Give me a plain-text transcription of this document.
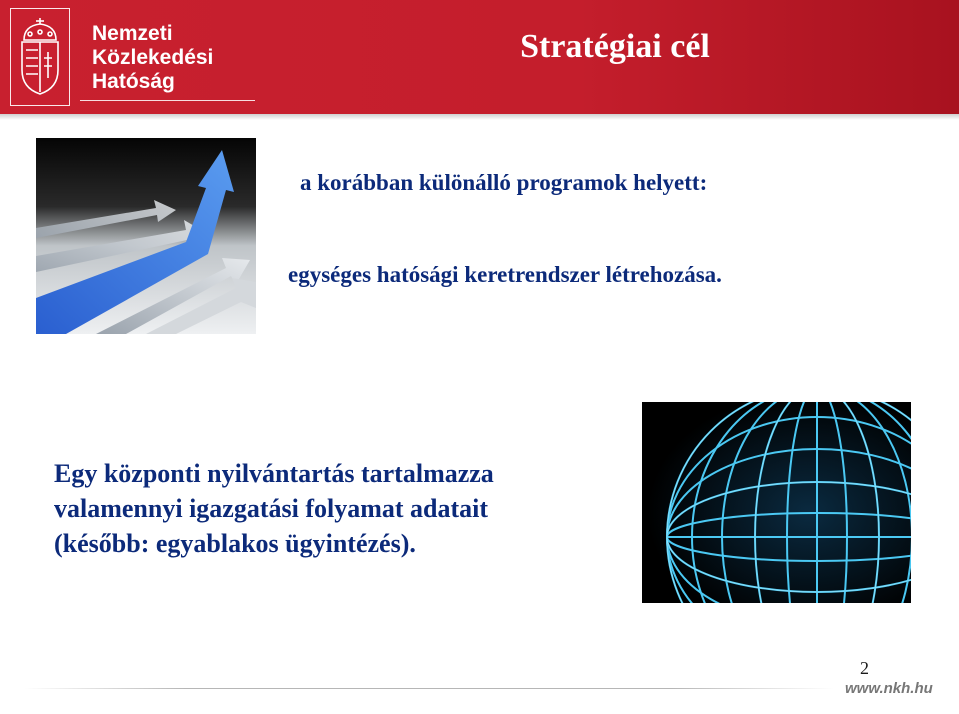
Nemzeti
Közlekedési
Hatóság
Stratégiai cél
a korábban különálló programok helyett:
egységes hatósági keretrendszer létrehozása.
Egy központi nyilvántartás tartalmazza
valamennyi igazgatási folyamat adatait
(később: egyablakos ügyintézés).
2
www.nkh.hu
